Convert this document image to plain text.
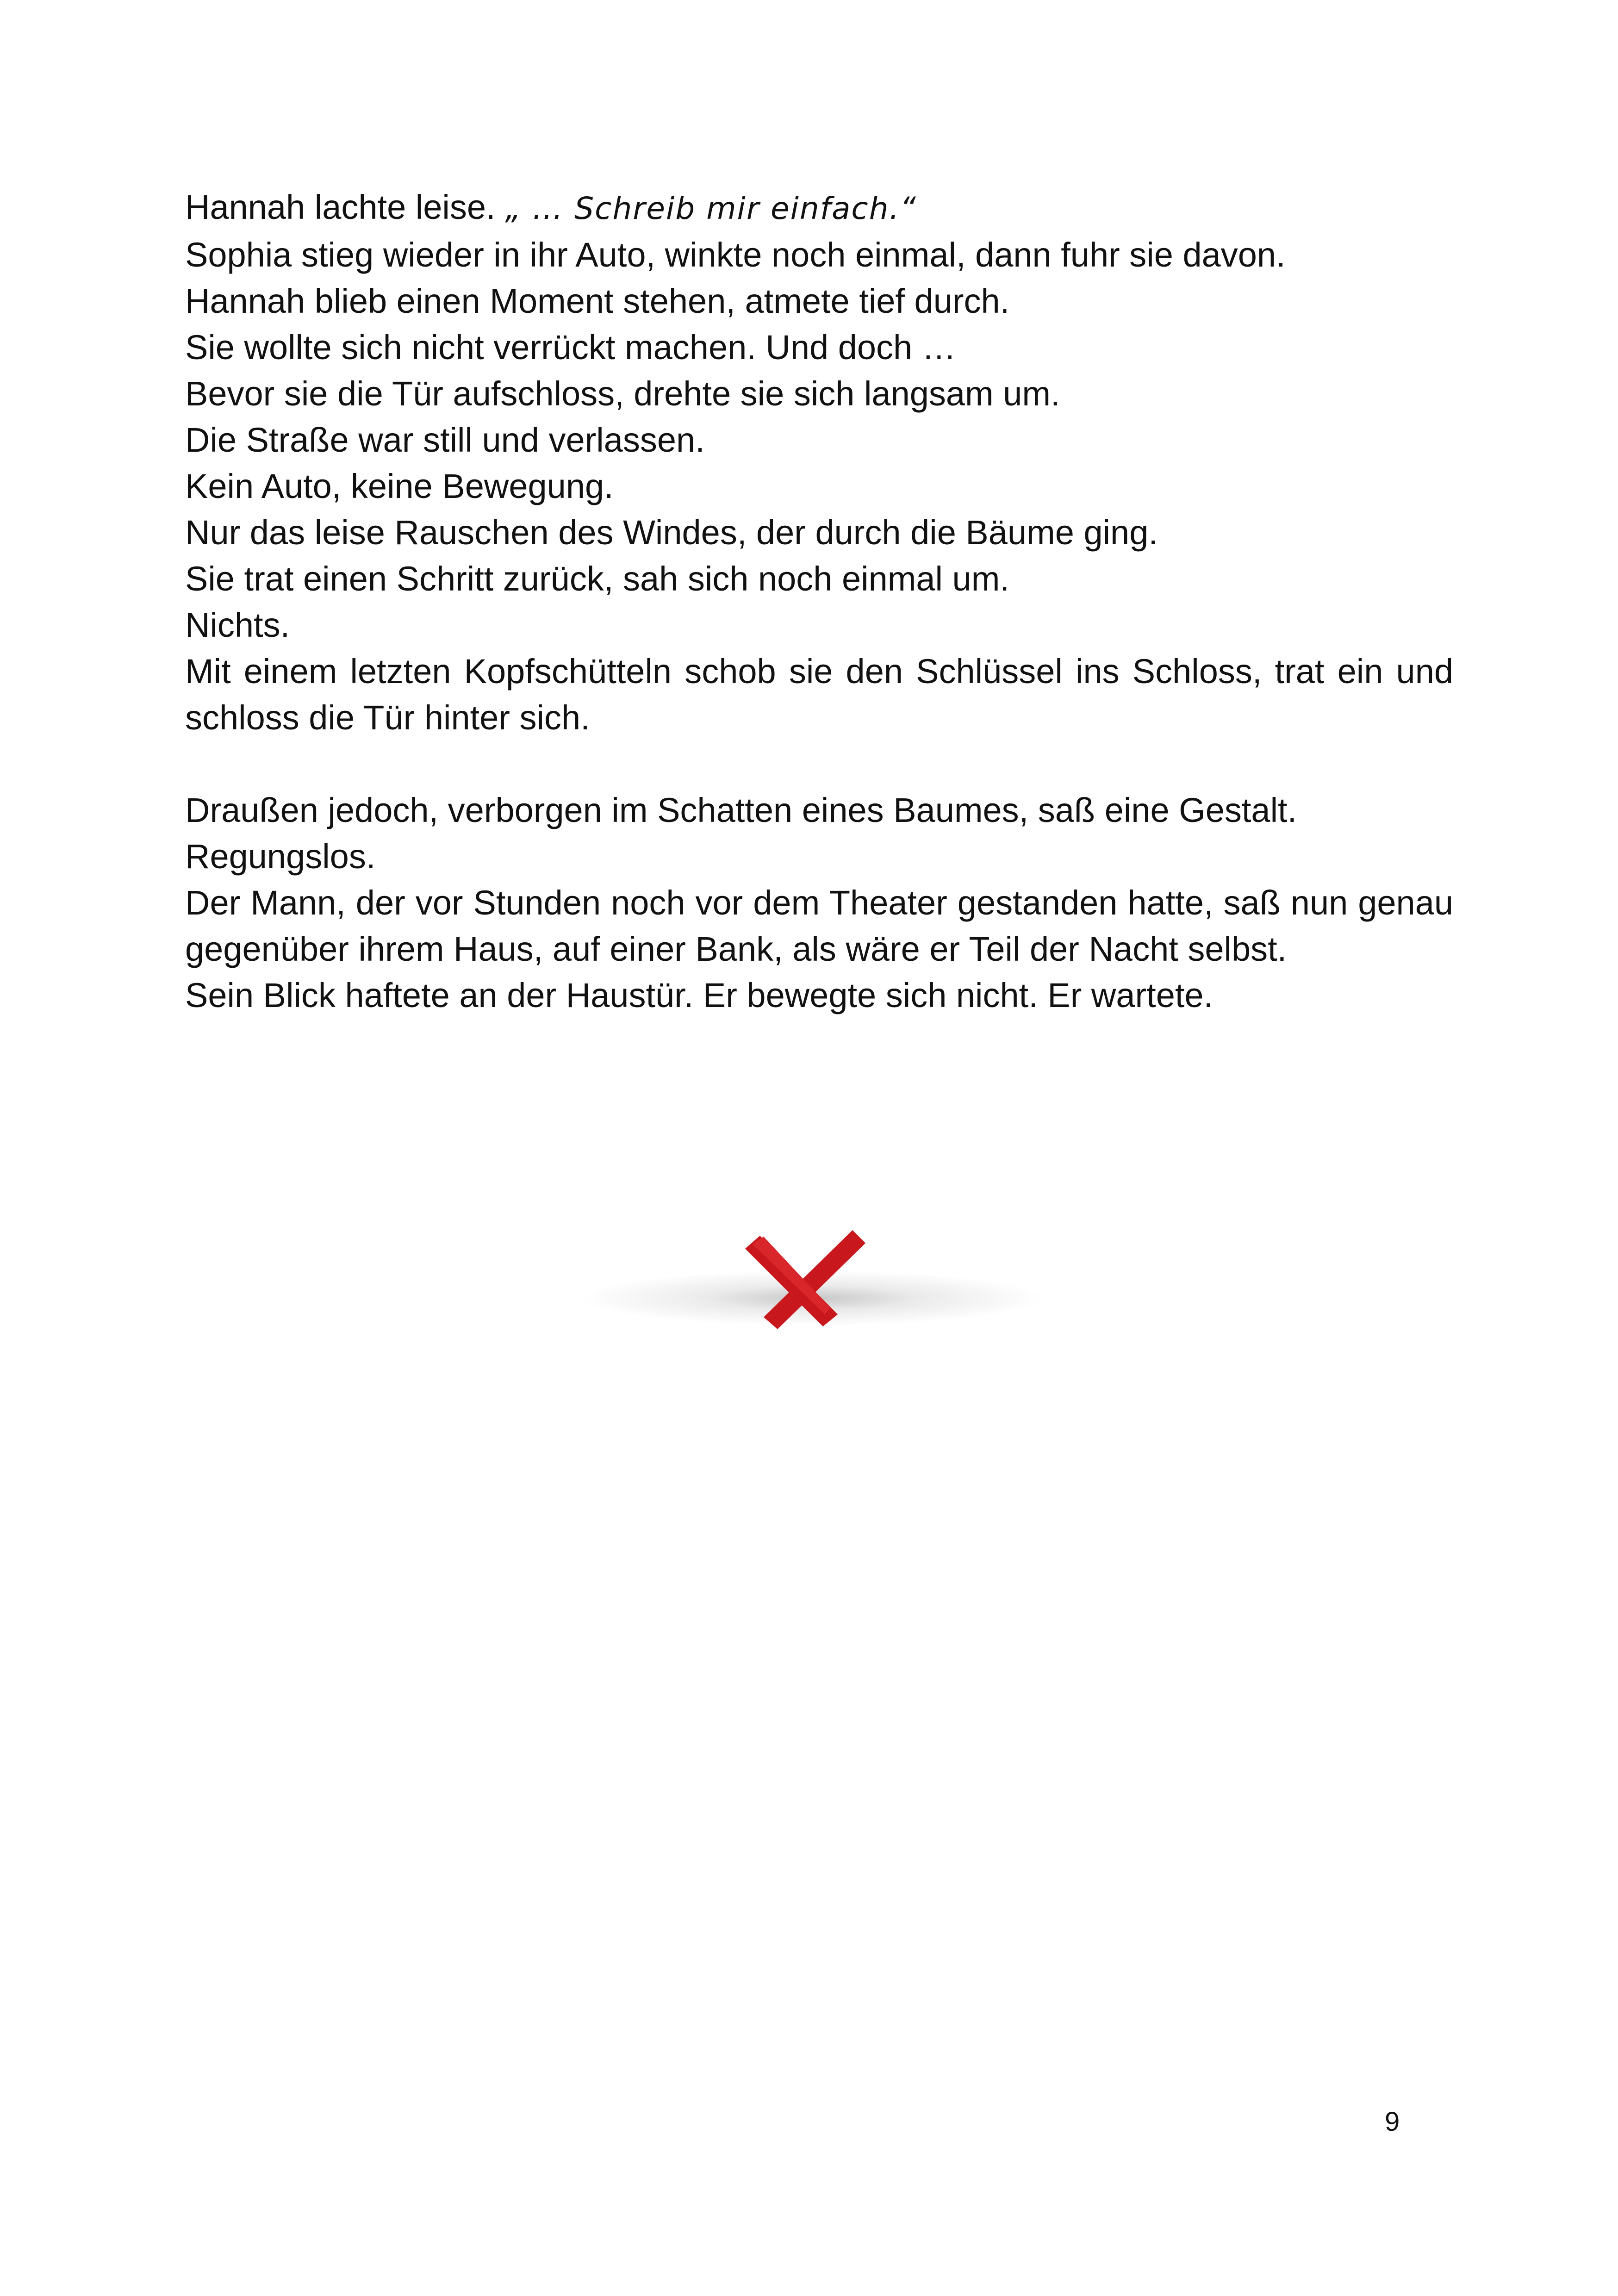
Hannah lachte leise. „ … Schreib mir einfach.“
Sophia stieg wieder in ihr Auto, winkte noch einmal, dann fuhr sie davon.
Hannah blieb einen Moment stehen, atmete tief durch.
Sie wollte sich nicht verrückt machen. Und doch …
Bevor sie die Tür aufschloss, drehte sie sich langsam um.
Die Straße war still und verlassen.
Kein Auto, keine Bewegung.
Nur das leise Rauschen des Windes, der durch die Bäume ging.
Sie trat einen Schritt zurück, sah sich noch einmal um.
Nichts.
Mit einem letzten Kopfschütteln schob sie den Schlüssel ins Schloss, trat ein und schloss die Tür hinter sich.
Draußen jedoch, verborgen im Schatten eines Baumes, saß eine Gestalt.
Regungslos.
Der Mann, der vor Stunden noch vor dem Theater gestanden hatte, saß nun genau gegenüber ihrem Haus, auf einer Bank, als wäre er Teil der Nacht selbst.
Sein Blick haftete an der Haustür. Er bewegte sich nicht. Er wartete.
9
